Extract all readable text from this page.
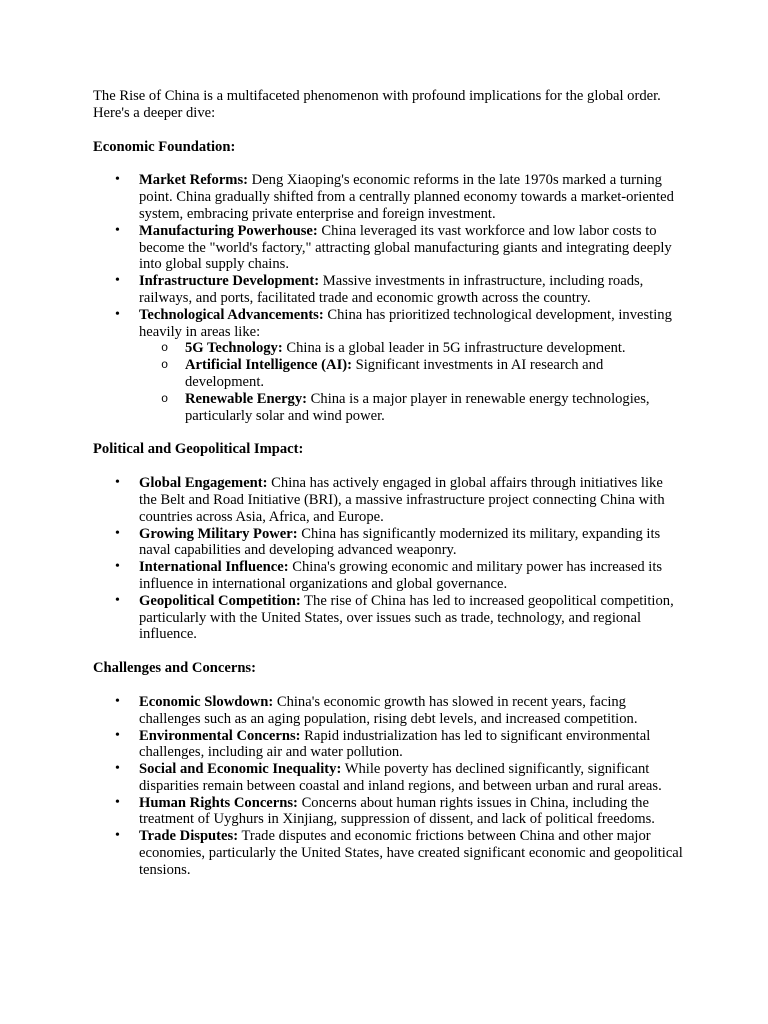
The Rise of China is a multifaceted phenomenon with profound implications for the global order. Here's a deeper dive:

Economic Foundation:

• Market Reforms: Deng Xiaoping's economic reforms in the late 1970s marked a turning point. China gradually shifted from a centrally planned economy towards a market-oriented system, embracing private enterprise and foreign investment.
• Manufacturing Powerhouse: China leveraged its vast workforce and low labor costs to become the "world's factory," attracting global manufacturing giants and integrating deeply into global supply chains.
• Infrastructure Development: Massive investments in infrastructure, including roads, railways, and ports, facilitated trade and economic growth across the country.
• Technological Advancements: China has prioritized technological development, investing heavily in areas like:
o 5G Technology: China is a global leader in 5G infrastructure development.
o Artificial Intelligence (AI): Significant investments in AI research and development.
o Renewable Energy: China is a major player in renewable energy technologies, particularly solar and wind power.

Political and Geopolitical Impact:

• Global Engagement: China has actively engaged in global affairs through initiatives like the Belt and Road Initiative (BRI), a massive infrastructure project connecting China with countries across Asia, Africa, and Europe.
• Growing Military Power: China has significantly modernized its military, expanding its naval capabilities and developing advanced weaponry.
• International Influence: China's growing economic and military power has increased its influence in international organizations and global governance.
• Geopolitical Competition: The rise of China has led to increased geopolitical competition, particularly with the United States, over issues such as trade, technology, and regional influence.

Challenges and Concerns:

• Economic Slowdown: China's economic growth has slowed in recent years, facing challenges such as an aging population, rising debt levels, and increased competition.
• Environmental Concerns: Rapid industrialization has led to significant environmental challenges, including air and water pollution.
• Social and Economic Inequality: While poverty has declined significantly, significant disparities remain between coastal and inland regions, and between urban and rural areas.
• Human Rights Concerns: Concerns about human rights issues in China, including the treatment of Uyghurs in Xinjiang, suppression of dissent, and lack of political freedoms.
• Trade Disputes: Trade disputes and economic frictions between China and other major economies, particularly the United States, have created significant economic and geopolitical tensions.
